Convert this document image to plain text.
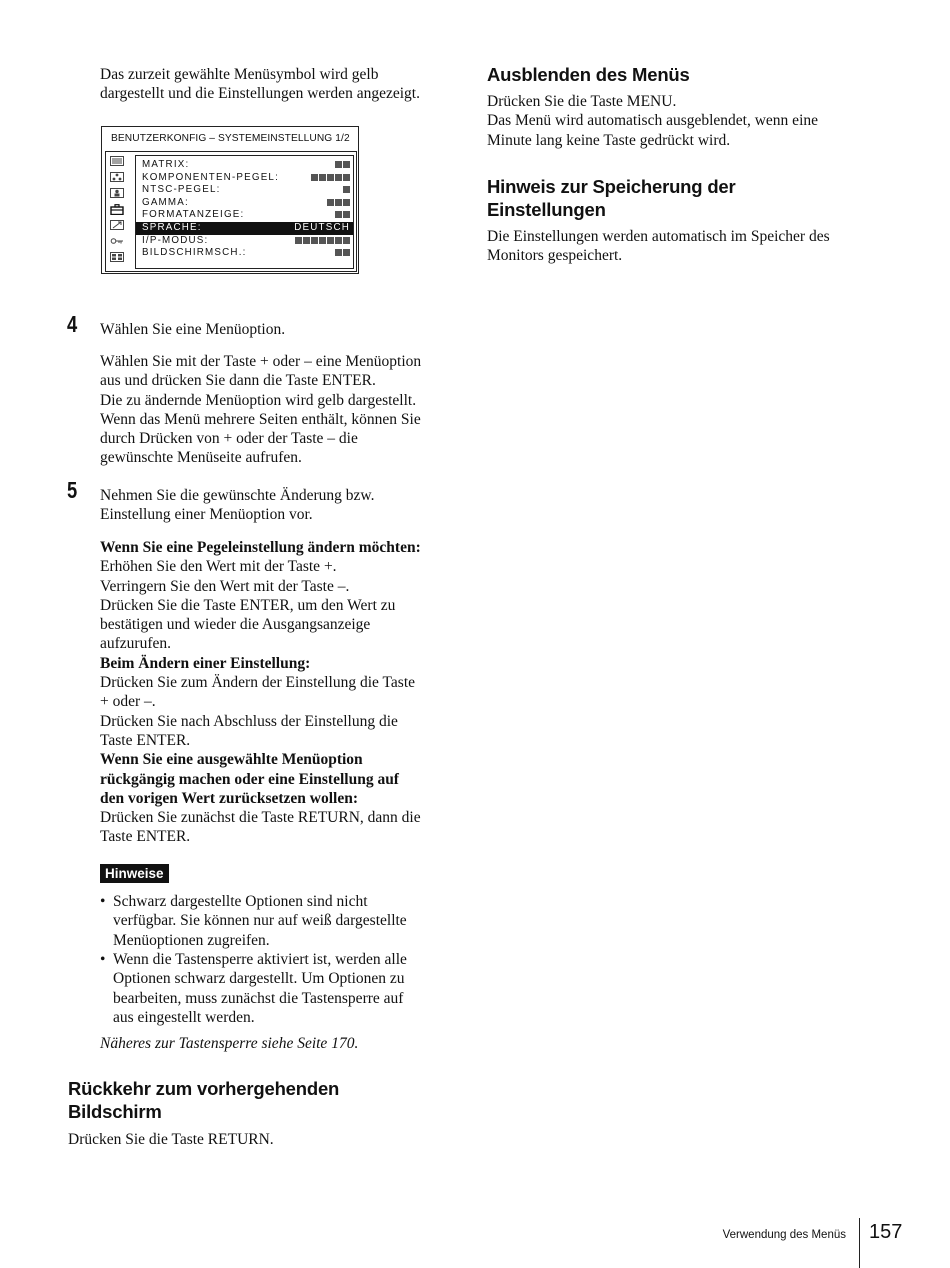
Das zurzeit gewählte Menüsymbol wird gelb

dargestellt und die Einstellungen werden angezeigt.

BENUTZERKONFIG – SYSTEMEINSTELLUNG 1/2
MATRIX:
KOMPONENTEN-PEGEL:
NTSC-PEGEL:
GAMMA:
FORMATANZEIGE:
SPRACHE:	DEUTSCH
I/P-MODUS:
BILDSCHIRMSCH.:
4 Wählen Sie eine Menüoption.

Wählen Sie mit der Taste + oder – eine Menüoption

aus und drücken Sie dann die Taste ENTER.

Die zu ändernde Menüoption wird gelb dargestellt.

Wenn das Menü mehrere Seiten enthält, können Sie

durch Drücken von + oder der Taste – die

gewünschte Menüseite aufrufen.

5 Nehmen Sie die gewünschte Änderung bzw.

Einstellung einer Menüoption vor.

Wenn Sie eine Pegeleinstellung ändern möchten:

Erhöhen Sie den Wert mit der Taste +.

Verringern Sie den Wert mit der Taste –.

Drücken Sie die Taste ENTER, um den Wert zu

bestätigen und wieder die Ausgangsanzeige

aufzurufen.

Beim Ändern einer Einstellung:

Drücken Sie zum Ändern der Einstellung die Taste

+ oder –.

Drücken Sie nach Abschluss der Einstellung die

Taste ENTER.

Wenn Sie eine ausgewählte Menüoption

rückgängig machen oder eine Einstellung auf

den vorigen Wert zurücksetzen wollen:

Drücken Sie zunächst die Taste RETURN, dann die

Taste ENTER.

Hinweise
• Schwarz dargestellte Optionen sind nicht
verfügbar. Sie können nur auf weiß dargestellte
Menüoptionen zugreifen.
• Wenn die Tastensperre aktiviert ist, werden alle
Optionen schwarz dargestellt. Um Optionen zu
bearbeiten, muss zunächst die Tastensperre auf
aus eingestellt werden.
Näheres zur Tastensperre siehe Seite 170.

Rückkehr zum vorhergehenden

Bildschirm

Drücken Sie die Taste RETURN.
Ausblenden des Menüs

Drücken Sie die Taste MENU.

Das Menü wird automatisch ausgeblendet, wenn eine

Minute lang keine Taste gedrückt wird.

Hinweis zur Speicherung der

Einstellungen

Die Einstellungen werden automatisch im Speicher des

Monitors gespeichert.

Verwendung des Menüs 157
